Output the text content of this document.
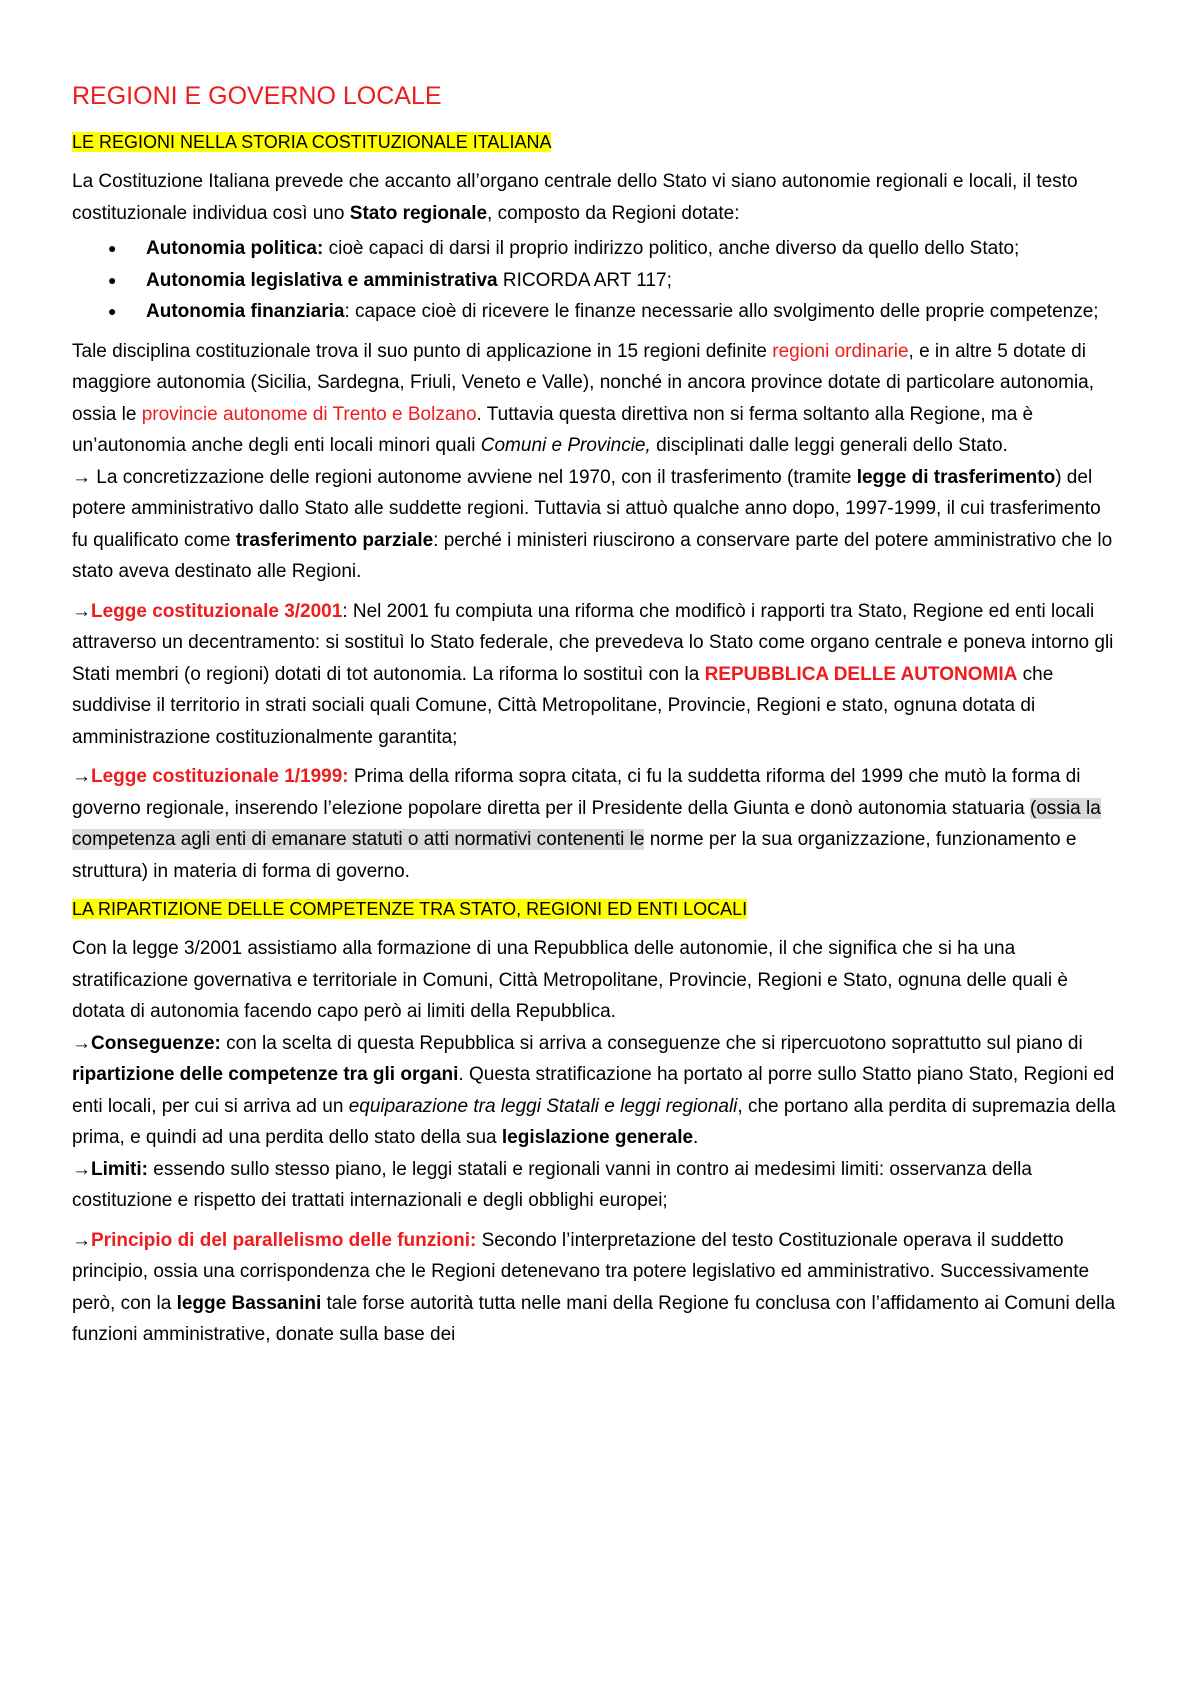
REGIONI E GOVERNO LOCALE
LE REGIONI NELLA STORIA COSTITUZIONALE ITALIANA

La Costituzione Italiana prevede che accanto all’organo centrale dello Stato vi siano autonomie regionali e locali, il testo costituzionale individua così uno Stato regionale, composto da Regioni dotate:

● Autonomia politica: cioè capaci di darsi il proprio indirizzo politico, anche diverso da quello dello Stato;
● Autonomia legislativa e amministrativa RICORDA ART 117;
● Autonomia finanziaria: capace cioè di ricevere le finanze necessarie allo svolgimento delle proprie competenze;

Tale disciplina costituzionale trova il suo punto di applicazione in 15 regioni definite regioni ordinarie, e in altre 5 dotate di maggiore autonomia (Sicilia, Sardegna, Friuli, Veneto e Valle), nonché in ancora province dotate di particolare autonomia, ossia le provincie autonome di Trento e Bolzano. Tuttavia questa direttiva non si ferma soltanto alla Regione, ma è un’autonomia anche degli enti locali minori quali Comuni e Provincie, disciplinati dalle leggi generali dello Stato.

→ La concretizzazione delle regioni autonome avviene nel 1970, con il trasferimento (tramite legge di trasferimento) del potere amministrativo dallo Stato alle suddette regioni. Tuttavia si attuò qualche anno dopo, 1997-1999, il cui trasferimento fu qualificato come trasferimento parziale: perché i ministeri riuscirono a conservare parte del potere amministrativo che lo stato aveva destinato alle Regioni.

→Legge costituzionale 3/2001: Nel 2001 fu compiuta una riforma che modificò i rapporti tra Stato, Regione ed enti locali attraverso un decentramento: si sostituì lo Stato federale, che prevedeva lo Stato come organo centrale e poneva intorno gli Stati membri (o regioni) dotati di tot autonomia. La riforma lo sostituì con la REPUBBLICA DELLE AUTONOMIA che suddivise il territorio in strati sociali quali Comune, Città Metropolitane, Provincie, Regioni e stato, ognuna dotata di amministrazione costituzionalmente garantita;

→Legge costituzionale 1/1999: Prima della riforma sopra citata, ci fu la suddetta riforma del 1999 che mutò la forma di governo regionale, inserendo l’elezione popolare diretta per il Presidente della Giunta e donò autonomia statuaria (ossia la competenza agli enti di emanare statuti o atti normativi contenenti le norme per la sua organizzazione, funzionamento e struttura) in materia di forma di governo.

LA RIPARTIZIONE DELLE COMPETENZE TRA STATO, REGIONI ED ENTI LOCALI

Con la legge 3/2001 assistiamo alla formazione di una Repubblica delle autonomie, il che significa che si ha una stratificazione governativa e territoriale in Comuni, Città Metropolitane, Provincie, Regioni e Stato, ognuna delle quali è dotata di autonomia facendo capo però ai limiti della Repubblica.

→Conseguenze: con la scelta di questa Repubblica si arriva a conseguenze che si ripercuotono soprattutto sul piano di ripartizione delle competenze tra gli organi. Questa stratificazione ha portato al porre sullo Statto piano Stato, Regioni ed enti locali, per cui si arriva ad un equiparazione tra leggi Statali e leggi regionali, che portano alla perdita di supremazia della prima, e quindi ad una perdita dello stato della sua legislazione generale.

→Limiti: essendo sullo stesso piano, le leggi statali e regionali vanni in contro ai medesimi limiti: osservanza della costituzione e rispetto dei trattati internazionali e degli obblighi europei;

→Principio di del parallelismo delle funzioni: Secondo l’interpretazione del testo Costituzionale operava il suddetto principio, ossia una corrispondenza che le Regioni detenevano tra potere legislativo ed amministrativo. Successivamente però, con la legge Bassanini tale forse autorità tutta nelle mani della Regione fu conclusa con l’affidamento ai Comuni della funzioni amministrative, donate sulla base dei
